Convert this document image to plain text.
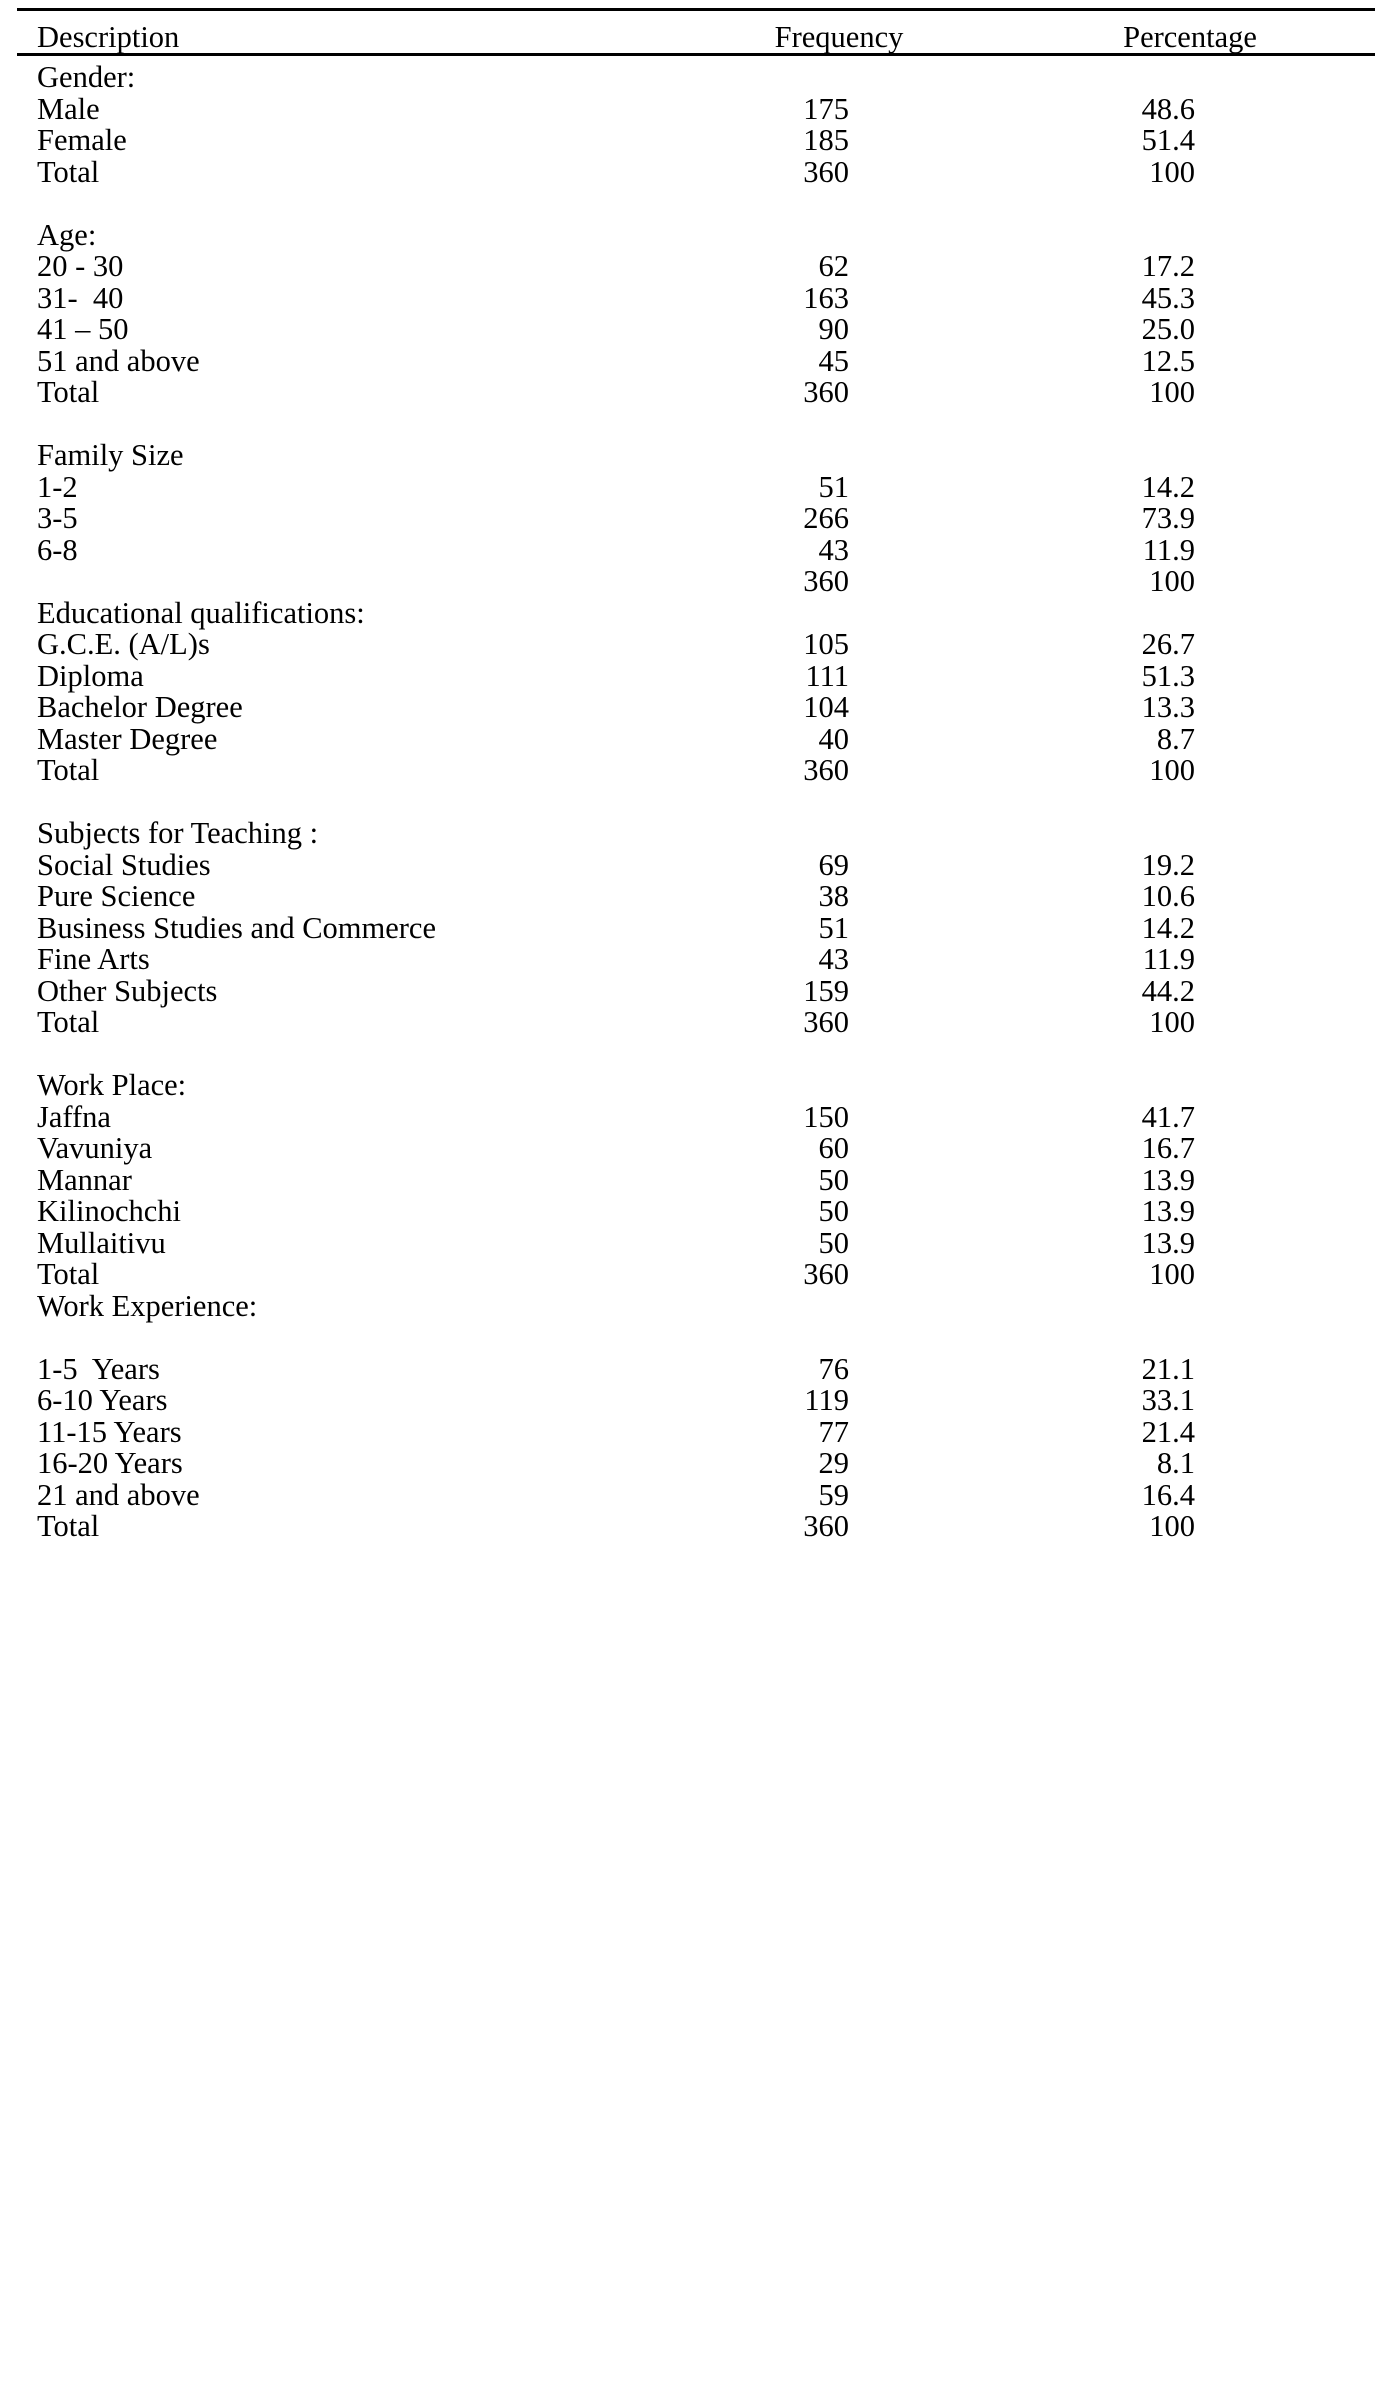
Description	Frequency	Percentage
Gender:		
Male	175	48.6
Female	185	51.4
Total	360	100

Age:		
20 - 30	62	17.2
31-  40	163	45.3
41 – 50	90	25.0
51 and above	45	12.5
Total	360	100

Family Size		
1-2	51	14.2
3-5	266	73.9
6-8	43	11.9
	360	100
Educational qualifications:		
G.C.E. (A/L)s	105	26.7
Diploma	111	51.3
Bachelor Degree	104	13.3
Master Degree	40	8.7
Total	360	100

Subjects for Teaching :		
Social Studies	69	19.2
Pure Science	38	10.6
Business Studies and Commerce	51	14.2
Fine Arts	43	11.9
Other Subjects	159	44.2
Total	360	100

Work Place:		
Jaffna	150	41.7
Vavuniya	60	16.7
Mannar	50	13.9
Kilinochchi	50	13.9
Mullaitivu	50	13.9
Total	360	100
Work Experience:		

1-5  Years	76	21.1
6-10 Years	119	33.1
11-15 Years	77	21.4
16-20 Years	29	8.1
21 and above	59	16.4
Total	360	100
